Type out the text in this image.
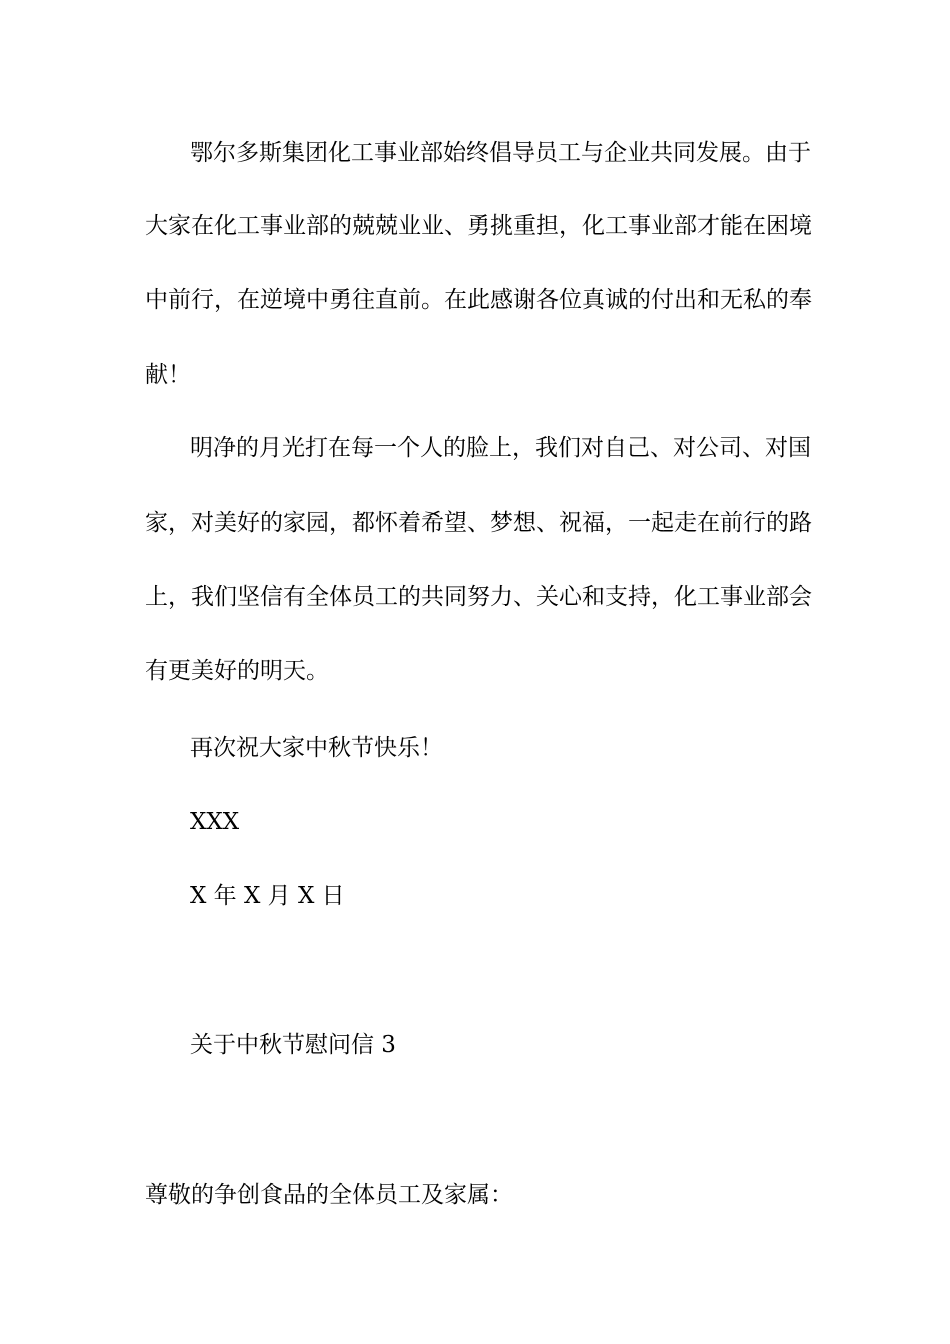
鄂尔多斯集团化工事业部始终倡导员工与企业共同发展。由于
大家在化工事业部的兢兢业业、勇挑重担，化工事业部才能在困境
中前行，在逆境中勇往直前。在此感谢各位真诚的付出和无私的奉
献！
明净的月光打在每一个人的脸上，我们对自己、对公司、对国
家，对美好的家园，都怀着希望、梦想、祝福，一起走在前行的路
上，我们坚信有全体员工的共同努力、关心和支持，化工事业部会
有更美好的明天。
再次祝大家中秋节快乐！
XXX
X 年 X 月 X 日
关于中秋节慰问信 3
尊敬的争创食品的全体员工及家属：
